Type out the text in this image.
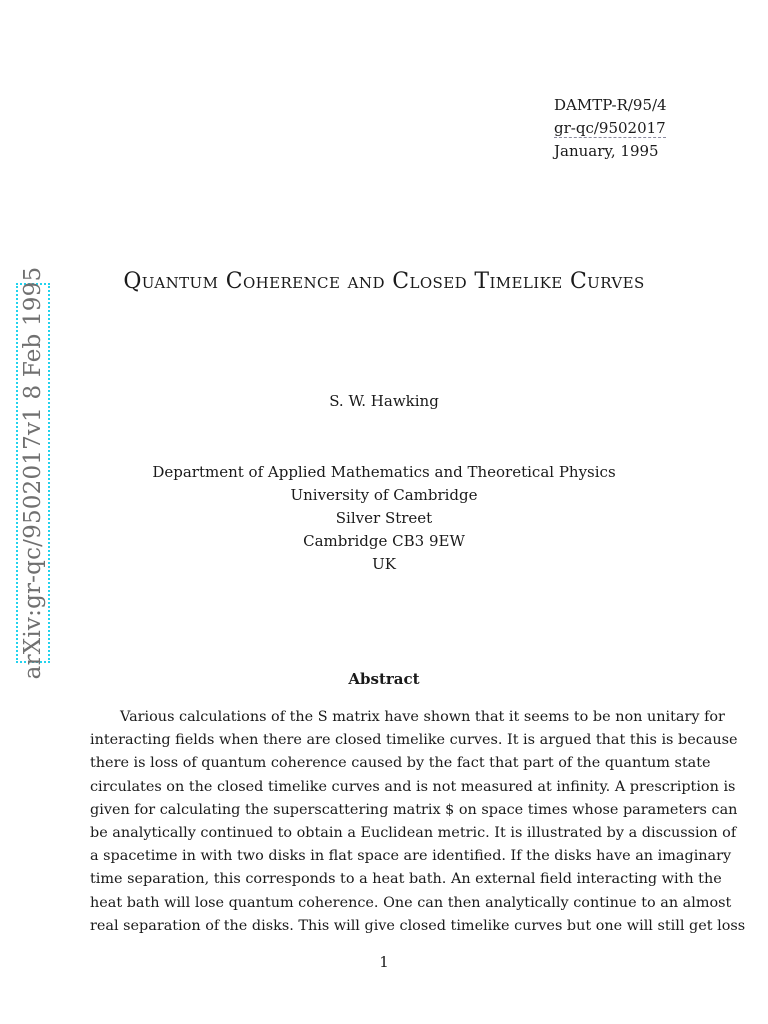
DAMTP-R/95/4
gr-qc/9502017
January, 1995
arXiv:gr-qc/9502017v1 8 Feb 1995	Quantum Coherence and Closed Timelike Curves
S. W. Hawking
Department of Applied Mathematics and Theoretical Physics
University of Cambridge
Silver Street
Cambridge CB3 9EW
UK
Abstract
Various calculations of the S matrix have shown that it seems to be non unitary for
interacting fields when there are closed timelike curves. It is argued that this is because
there is loss of quantum coherence caused by the fact that part of the quantum state
circulates on the closed timelike curves and is not measured at infinity. A prescription is
given for calculating the superscattering matrix $ on space times whose parameters can
be analytically continued to obtain a Euclidean metric. It is illustrated by a discussion of
a spacetime in with two disks in flat space are identified. If the disks have an imaginary
time separation, this corresponds to a heat bath. An external field interacting with the
heat bath will lose quantum coherence. One can then analytically continue to an almost
real separation of the disks. This will give closed timelike curves but one will still get loss
1
